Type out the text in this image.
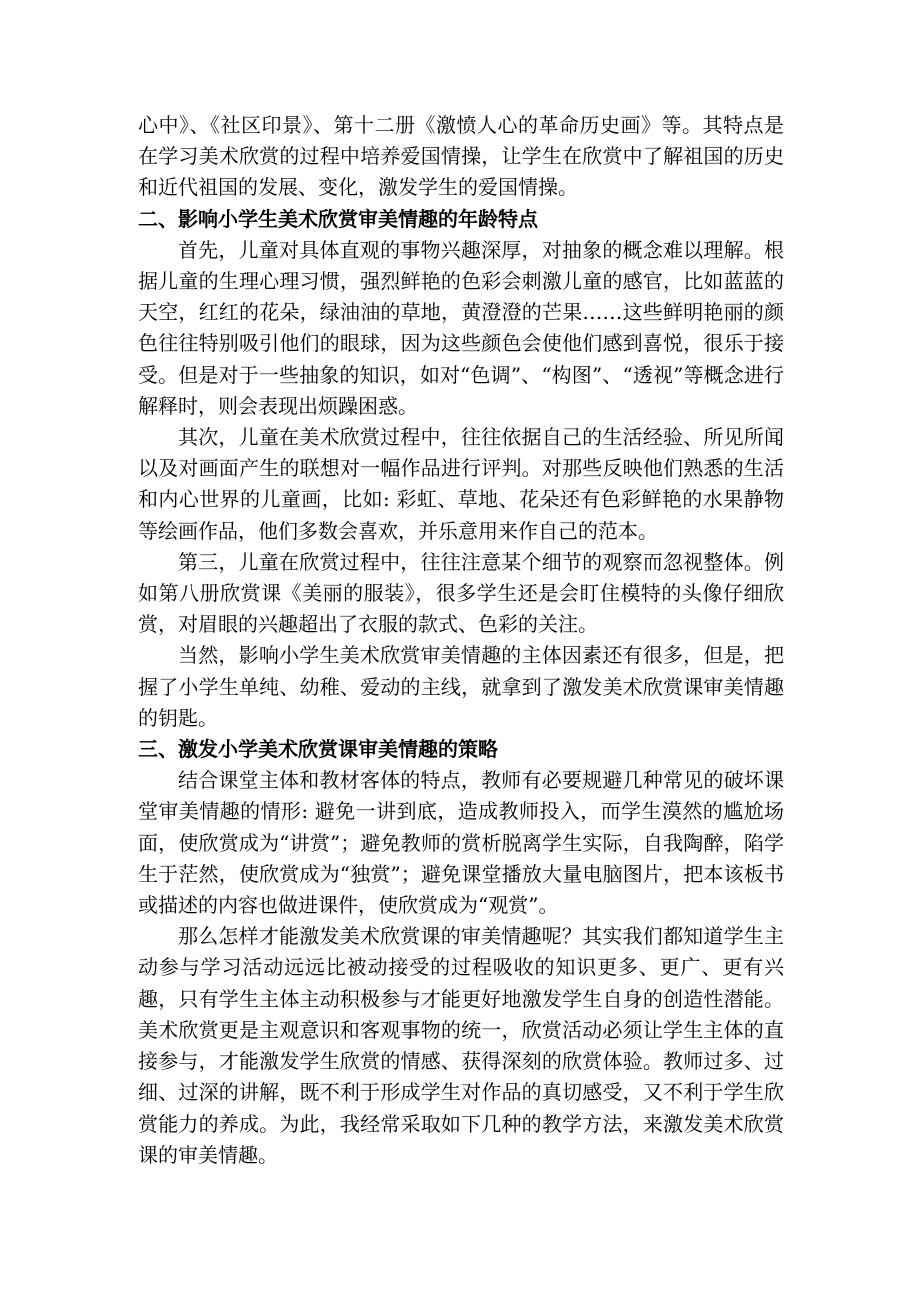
心中》、《社区印景》、第十二册《激愤人心的革命历史画》等。其特点是在学习美术欣赏的过程中培养爱国情操，让学生在欣赏中了解祖国的历史和近代祖国的发展、变化，激发学生的爱国情操。

二、影响小学生美术欣赏审美情趣的年龄特点

首先，儿童对具体直观的事物兴趣深厚，对抽象的概念难以理解。根据儿童的生理心理习惯，强烈鲜艳的色彩会刺激儿童的感官，比如蓝蓝的天空，红红的花朵，绿油油的草地，黄澄澄的芒果……这些鲜明艳丽的颜色往往特别吸引他们的眼球，因为这些颜色会使他们感到喜悦，很乐于接受。但是对于一些抽象的知识，如对“色调”、“构图”、“透视”等概念进行解释时，则会表现出烦躁困惑。

其次，儿童在美术欣赏过程中，往往依据自己的生活经验、所见所闻以及对画面产生的联想对一幅作品进行评判。对那些反映他们熟悉的生活和内心世界的儿童画，比如: 彩虹、草地、花朵还有色彩鲜艳的水果静物等绘画作品，他们多数会喜欢，并乐意用来作自己的范本。

第三，儿童在欣赏过程中，往往注意某个细节的观察而忽视整体。例如第八册欣赏课《美丽的服装》，很多学生还是会盯住模特的头像仔细欣赏，对眉眼的兴趣超出了衣服的款式、色彩的关注。

当然，影响小学生美术欣赏审美情趣的主体因素还有很多，但是，把握了小学生单纯、幼稚、爱动的主线，就拿到了激发美术欣赏课审美情趣的钥匙。

三、激发小学美术欣赏课审美情趣的策略

结合课堂主体和教材客体的特点，教师有必要规避几种常见的破坏课堂审美情趣的情形: 避免一讲到底，造成教师投入，而学生漠然的尴尬场面，使欣赏成为“讲赏”；避免教师的赏析脱离学生实际，自我陶醉，陷学生于茫然，使欣赏成为“独赏”；避免课堂播放大量电脑图片，把本该板书或描述的内容也做进课件，使欣赏成为“观赏”。

那么怎样才能激发美术欣赏课的审美情趣呢？其实我们都知道学生主动参与学习活动远远比被动接受的过程吸收的知识更多、更广、更有兴趣，只有学生主体主动积极参与才能更好地激发学生自身的创造性潜能。美术欣赏更是主观意识和客观事物的统一，欣赏活动必须让学生主体的直接参与，才能激发学生欣赏的情感、获得深刻的欣赏体验。教师过多、过细、过深的讲解，既不利于形成学生对作品的真切感受，又不利于学生欣赏能力的养成。为此，我经常采取如下几种的教学方法，来激发美术欣赏课的审美情趣。
